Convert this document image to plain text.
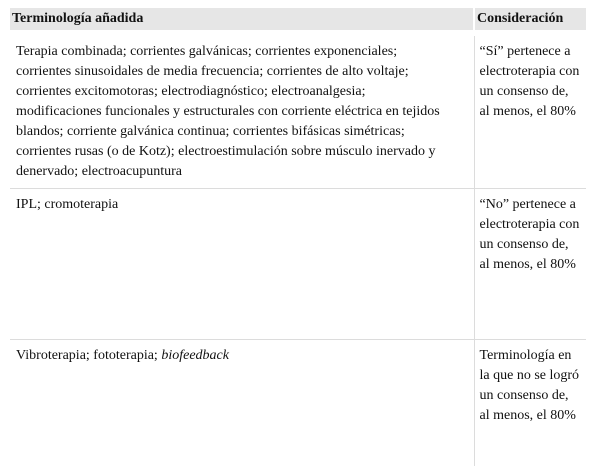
Terminología añadida	Consideración

Terapia combinada; corrientes galvánicas; corrientes exponenciales; corrientes sinusoidales de media frecuencia; corrientes de alto voltaje; corrientes excitomotoras; electrodiagnóstico; electroanalgesia; modificaciones funcionales y estructurales con corriente eléctrica en tejidos blandos; corriente galvánica continua; corrientes bifásicas simétricas; corrientes rusas (o de Kotz); electroestimulación sobre músculo inervado y denervado; electroacupuntura	“Sí” pertenece a electroterapia con un consenso de, al menos, el 80%
IPL; cromoterapia	“No” pertenece a electroterapia con un consenso de, al menos, el 80%
Vibroterapia; fototerapia; biofeedback	Terminología en la que no se logró un consenso de, al menos, el 80%
